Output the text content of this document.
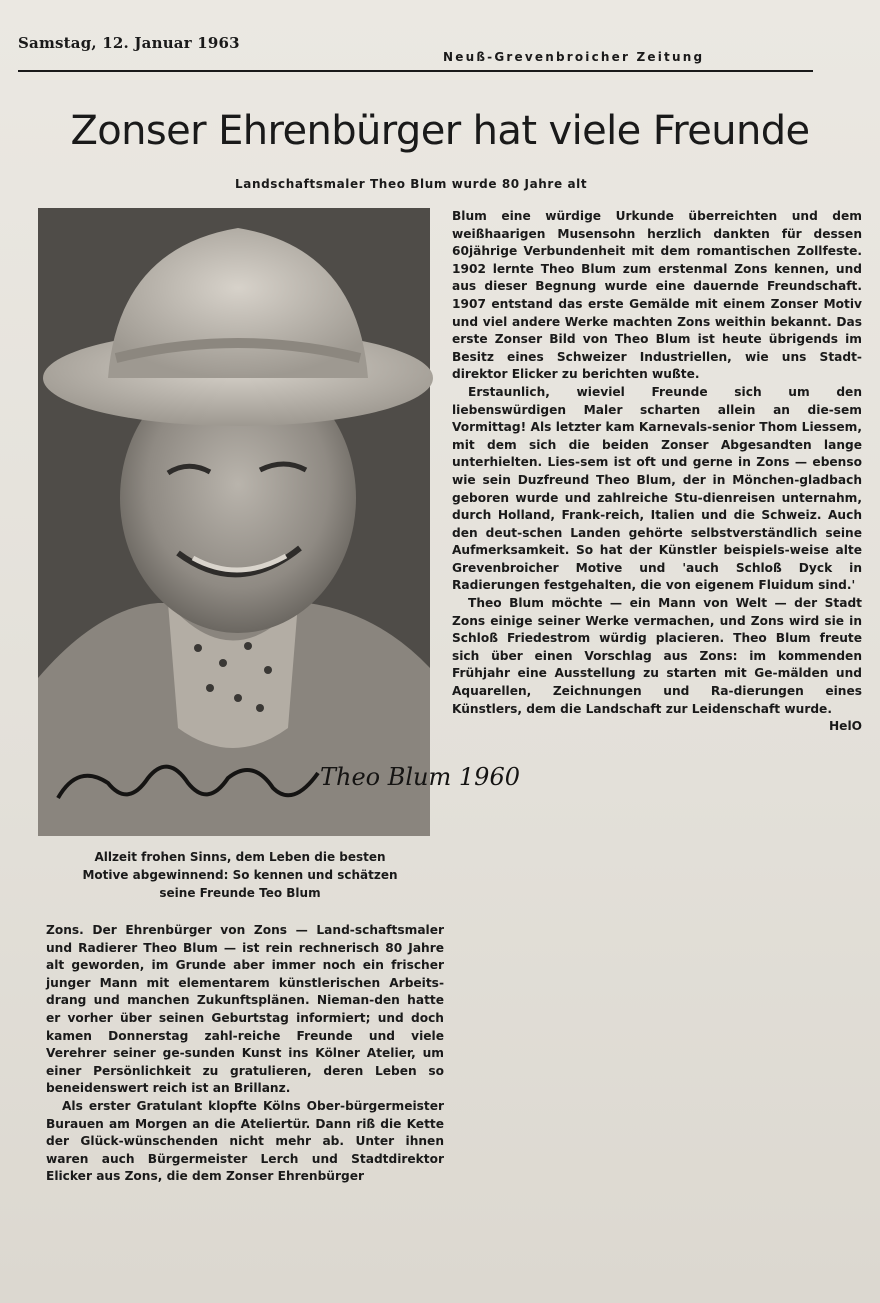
Samstag, 12. Januar 1963
Neuß-Grevenbroicher Zeitung
Zonser Ehrenbürger hat viele Freunde
Landschaftsmaler Theo Blum wurde 80 Jahre alt
Theo Blum 1960
Allzeit frohen Sinns, dem Leben die besten
Motive abgewinnend: So kennen und schätzen
seine Freunde Teo Blum

Zons. Der Ehrenbürger von Zons — Land-schaftsmaler und Radierer Theo Blum — ist rein rechnerisch 80 Jahre alt geworden, im Grunde aber immer noch ein frischer junger Mann mit elementarem künstlerischen Arbeits-drang und manchen Zukunftsplänen. Nieman-den hatte er vorher über seinen Geburtstag informiert; und doch kamen Donnerstag zahl-reiche Freunde und viele Verehrer seiner ge-sunden Kunst ins Kölner Atelier, um einer Persönlichkeit zu gratulieren, deren Leben so beneidenswert reich ist an Brillanz.

Als erster Gratulant klopfte Kölns Ober-bürgermeister Burauen am Morgen an die Ateliertür. Dann riß die Kette der Glück-wünschenden nicht mehr ab. Unter ihnen waren auch Bürgermeister Lerch und Stadtdirektor Elicker aus Zons, die dem Zonser Ehrenbürger

Blum eine würdige Urkunde überreichten und dem weißhaarigen Musensohn herzlich dankten für dessen 60jährige Verbundenheit mit dem romantischen Zollfeste. 1902 lernte Theo Blum zum erstenmal Zons kennen, und aus dieser Begnung wurde eine dauernde Freundschaft. 1907 entstand das erste Gemälde mit einem Zonser Motiv und viel andere Werke machten Zons weithin bekannt. Das erste Zonser Bild von Theo Blum ist heute übrigends im Besitz eines Schweizer Industriellen, wie uns Stadt-direktor Elicker zu berichten wußte.

Erstaunlich, wieviel Freunde sich um den liebenswürdigen Maler scharten allein an die-sem Vormittag! Als letzter kam Karnevals-senior Thom Liessem, mit dem sich die beiden Zonser Abgesandten lange unterhielten. Lies-sem ist oft und gerne in Zons — ebenso wie sein Duzfreund Theo Blum, der in Mönchen-gladbach geboren wurde und zahlreiche Stu-dienreisen unternahm, durch Holland, Frank-reich, Italien und die Schweiz. Auch den deut-schen Landen gehörte selbstverständlich seine Aufmerksamkeit. So hat der Künstler beispiels-weise alte Grevenbroicher Motive und 'auch Schloß Dyck in Radierungen festgehalten, die von eigenem Fluidum sind.'

Theo Blum möchte — ein Mann von Welt — der Stadt Zons einige seiner Werke vermachen, und Zons wird sie in Schloß Friedestrom würdig placieren. Theo Blum freute sich über einen Vorschlag aus Zons: im kommenden Frühjahr eine Ausstellung zu starten mit Ge-mälden und Aquarellen, Zeichnungen und Ra-dierungen eines Künstlers, dem die Landschaft zur Leidenschaft wurde.

HelO
